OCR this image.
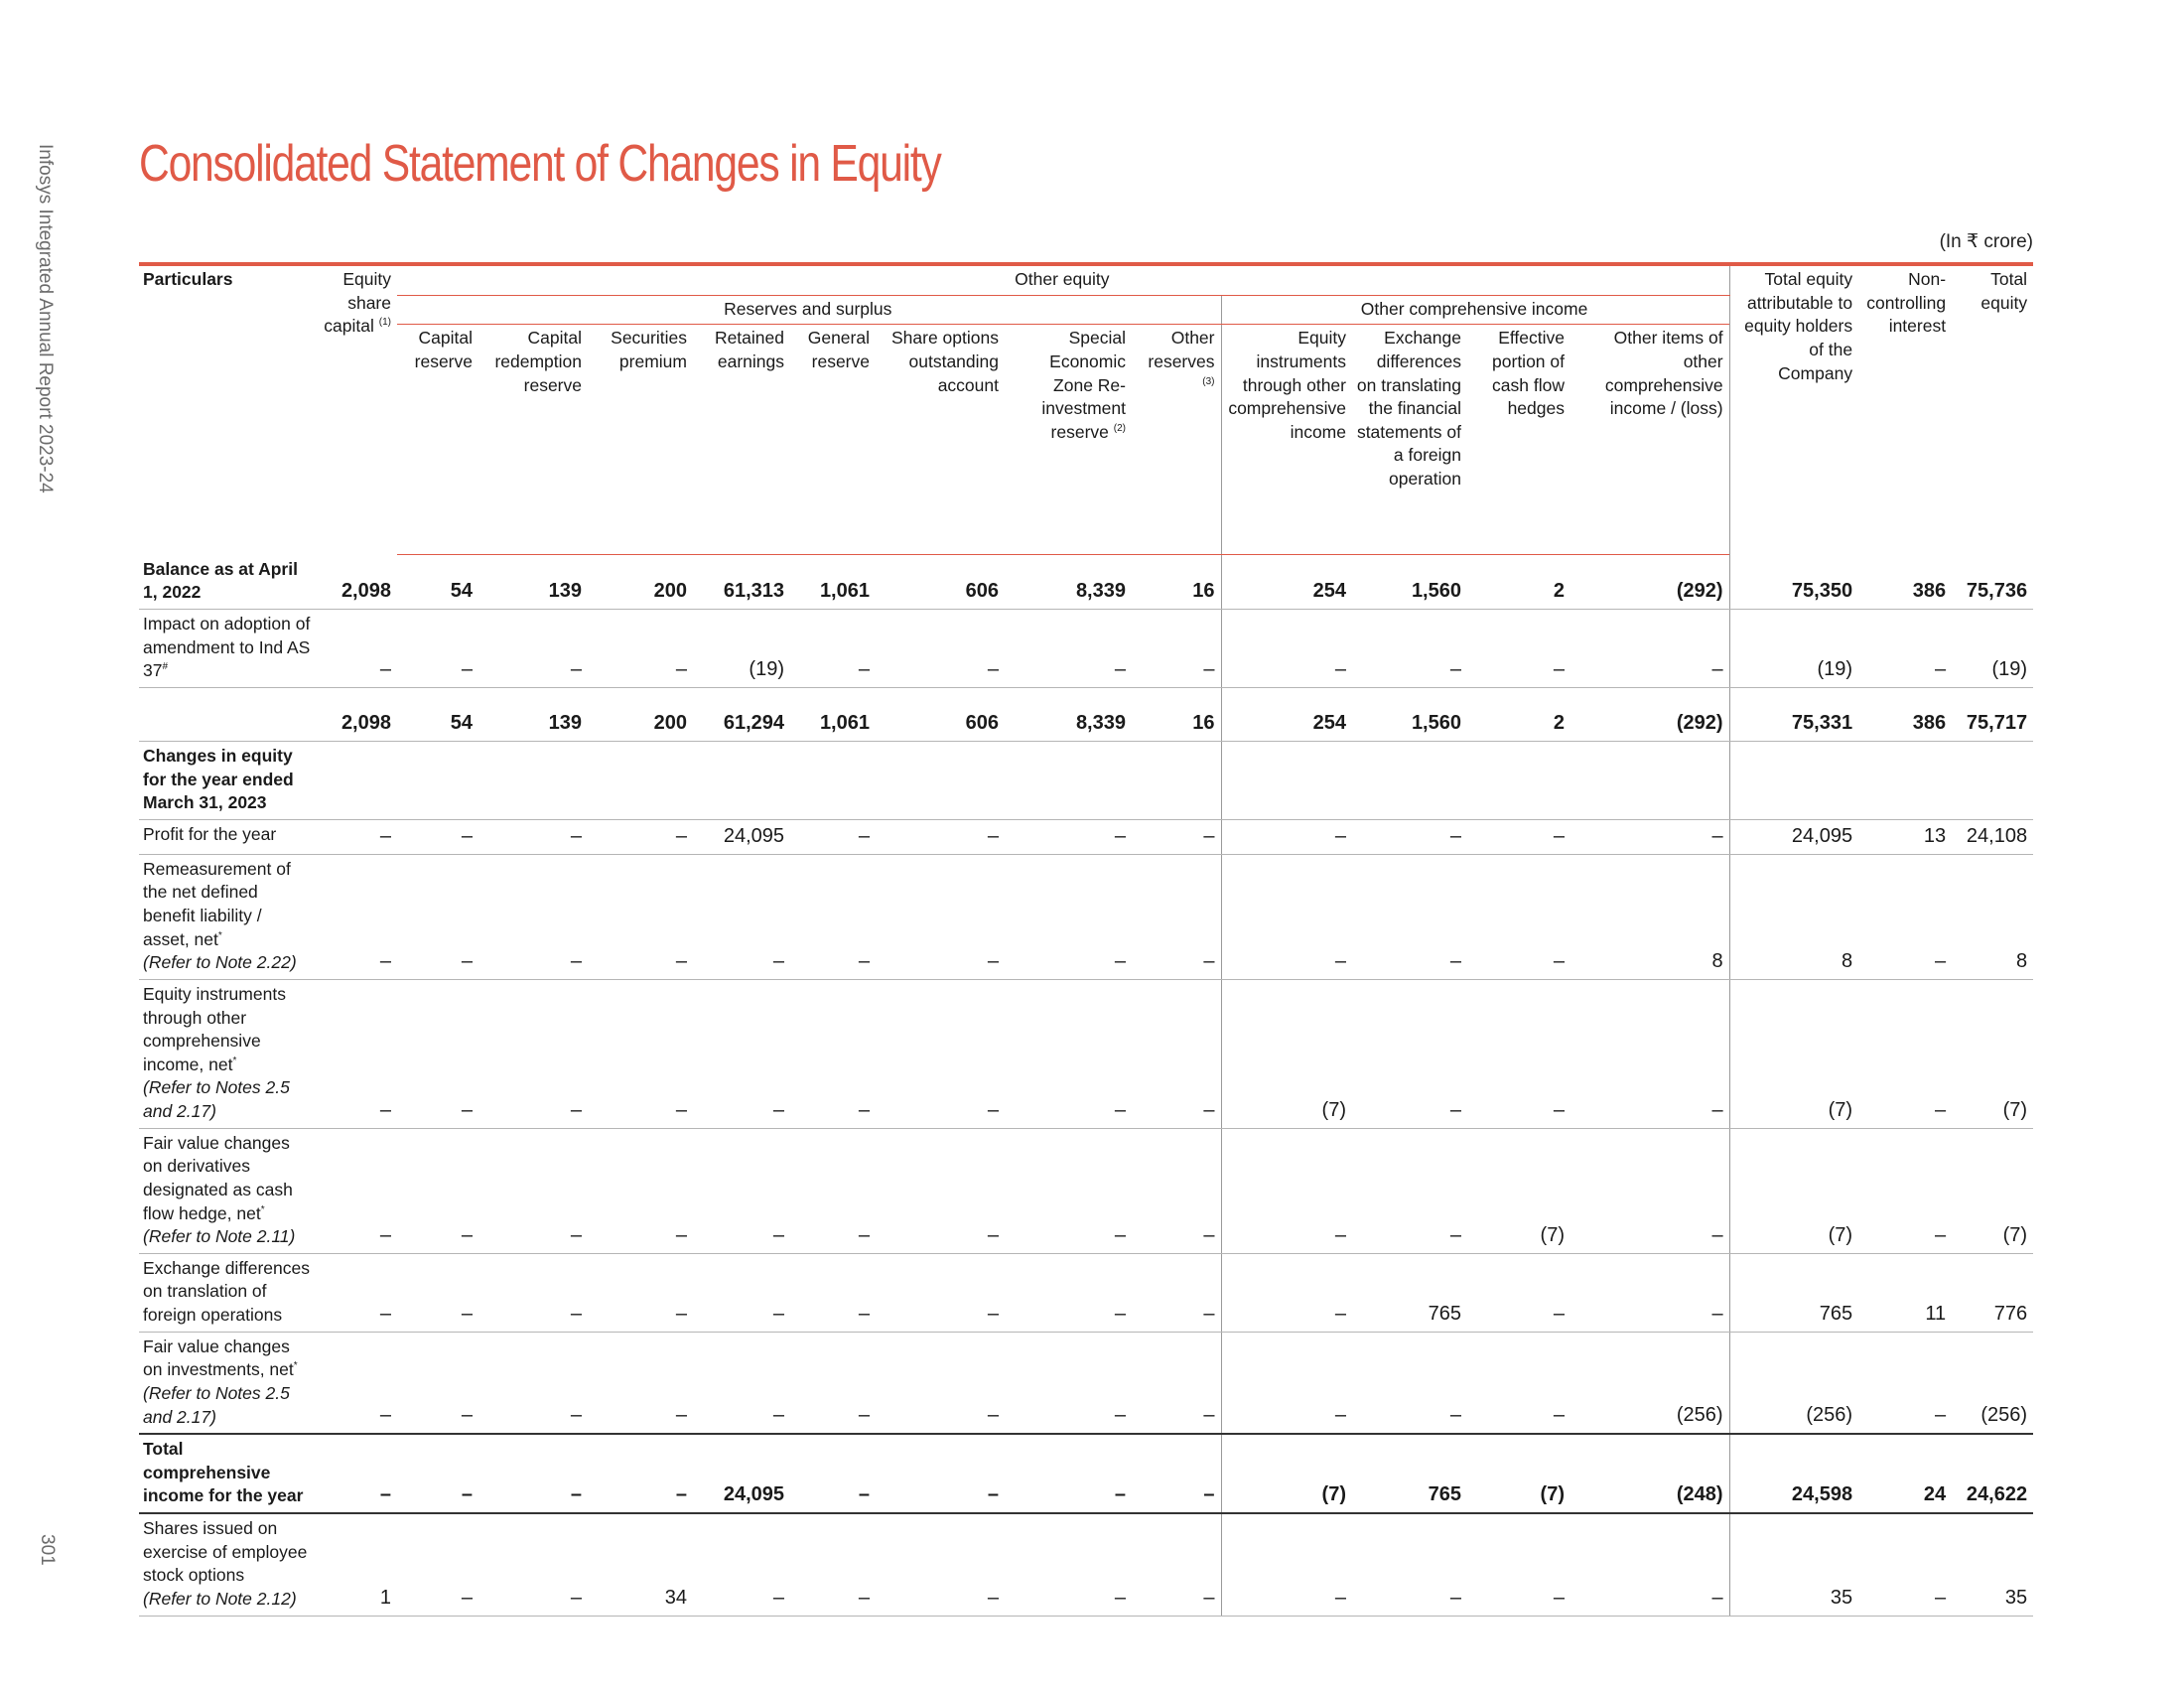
Infosys Integrated Annual Report 2023-24
301
Consolidated Statement of Changes in Equity
(In ₹ crore)
Particulars	Equity share capital $^{(1)}$	Other equity												Total equity attributable to equity holders of the Company	Non-controlling interest	Total equity
		Reserves and surplus								Other comprehensive income						
		Capital reserve	Capital redemption reserve	Securities premium	Retained earnings	General reserve	Share options outstanding account	Special Economic Zone Re-investment reserve $^{(2)}$	Other reserves $^{(3)}$	Equity instruments through other comprehensive income	Exchange differences on translating the financial statements of a foreign operation	Effective portion of cash flow hedges	Other items of other comprehensive income / (loss)			
Balance as at April 1, 2022	2,098	54	139	200	61,313	1,061	606	8,339	16	254	1,560	2	(292)	75,350	386	75,736
Impact on adoption of amendment to Ind AS 37#	–	–	–	–	(19)	–	–	–	–	–	–	–	–	(19)	–	(19)
	2,098	54	139	200	61,294	1,061	606	8,339	16	254	1,560	2	(292)	75,331	386	75,717
Changes in equity for the year ended March 31, 2023																
Profit for the year	–	–	–	–	24,095	–	–	–	–	–	–	–	–	24,095	13	24,108
Remeasurement of the net defined benefit liability / asset, net*
(Refer to Note 2.22)	–	–	–	–	–	–	–	–	–	–	–	–	8	8	–	8
Equity instruments through other comprehensive income, net*
(Refer to Notes 2.5 and 2.17)	–	–	–	–	–	–	–	–	–	(7)	–	–	–	(7)	–	(7)
Fair value changes on derivatives designated as cash flow hedge, net*
(Refer to Note 2.11)	–	–	–	–	–	–	–	–	–	–	–	(7)	–	(7)	–	(7)
Exchange differences on translation of foreign operations	–	–	–	–	–	–	–	–	–	–	765	–	–	765	11	776
Fair value changes on investments, net* (Refer to Notes 2.5 and 2.17)	–	–	–	–	–	–	–	–	–	–	–	–	(256)	(256)	–	(256)
Total comprehensive income for the year	–	–	–	–	24,095	–	–	–	–	(7)	765	(7)	(248)	24,598	24	24,622
Shares issued on exercise of employee stock options
(Refer to Note 2.12)	1	–	–	34	–	–	–	–	–	–	–	–	–	35	–	35
